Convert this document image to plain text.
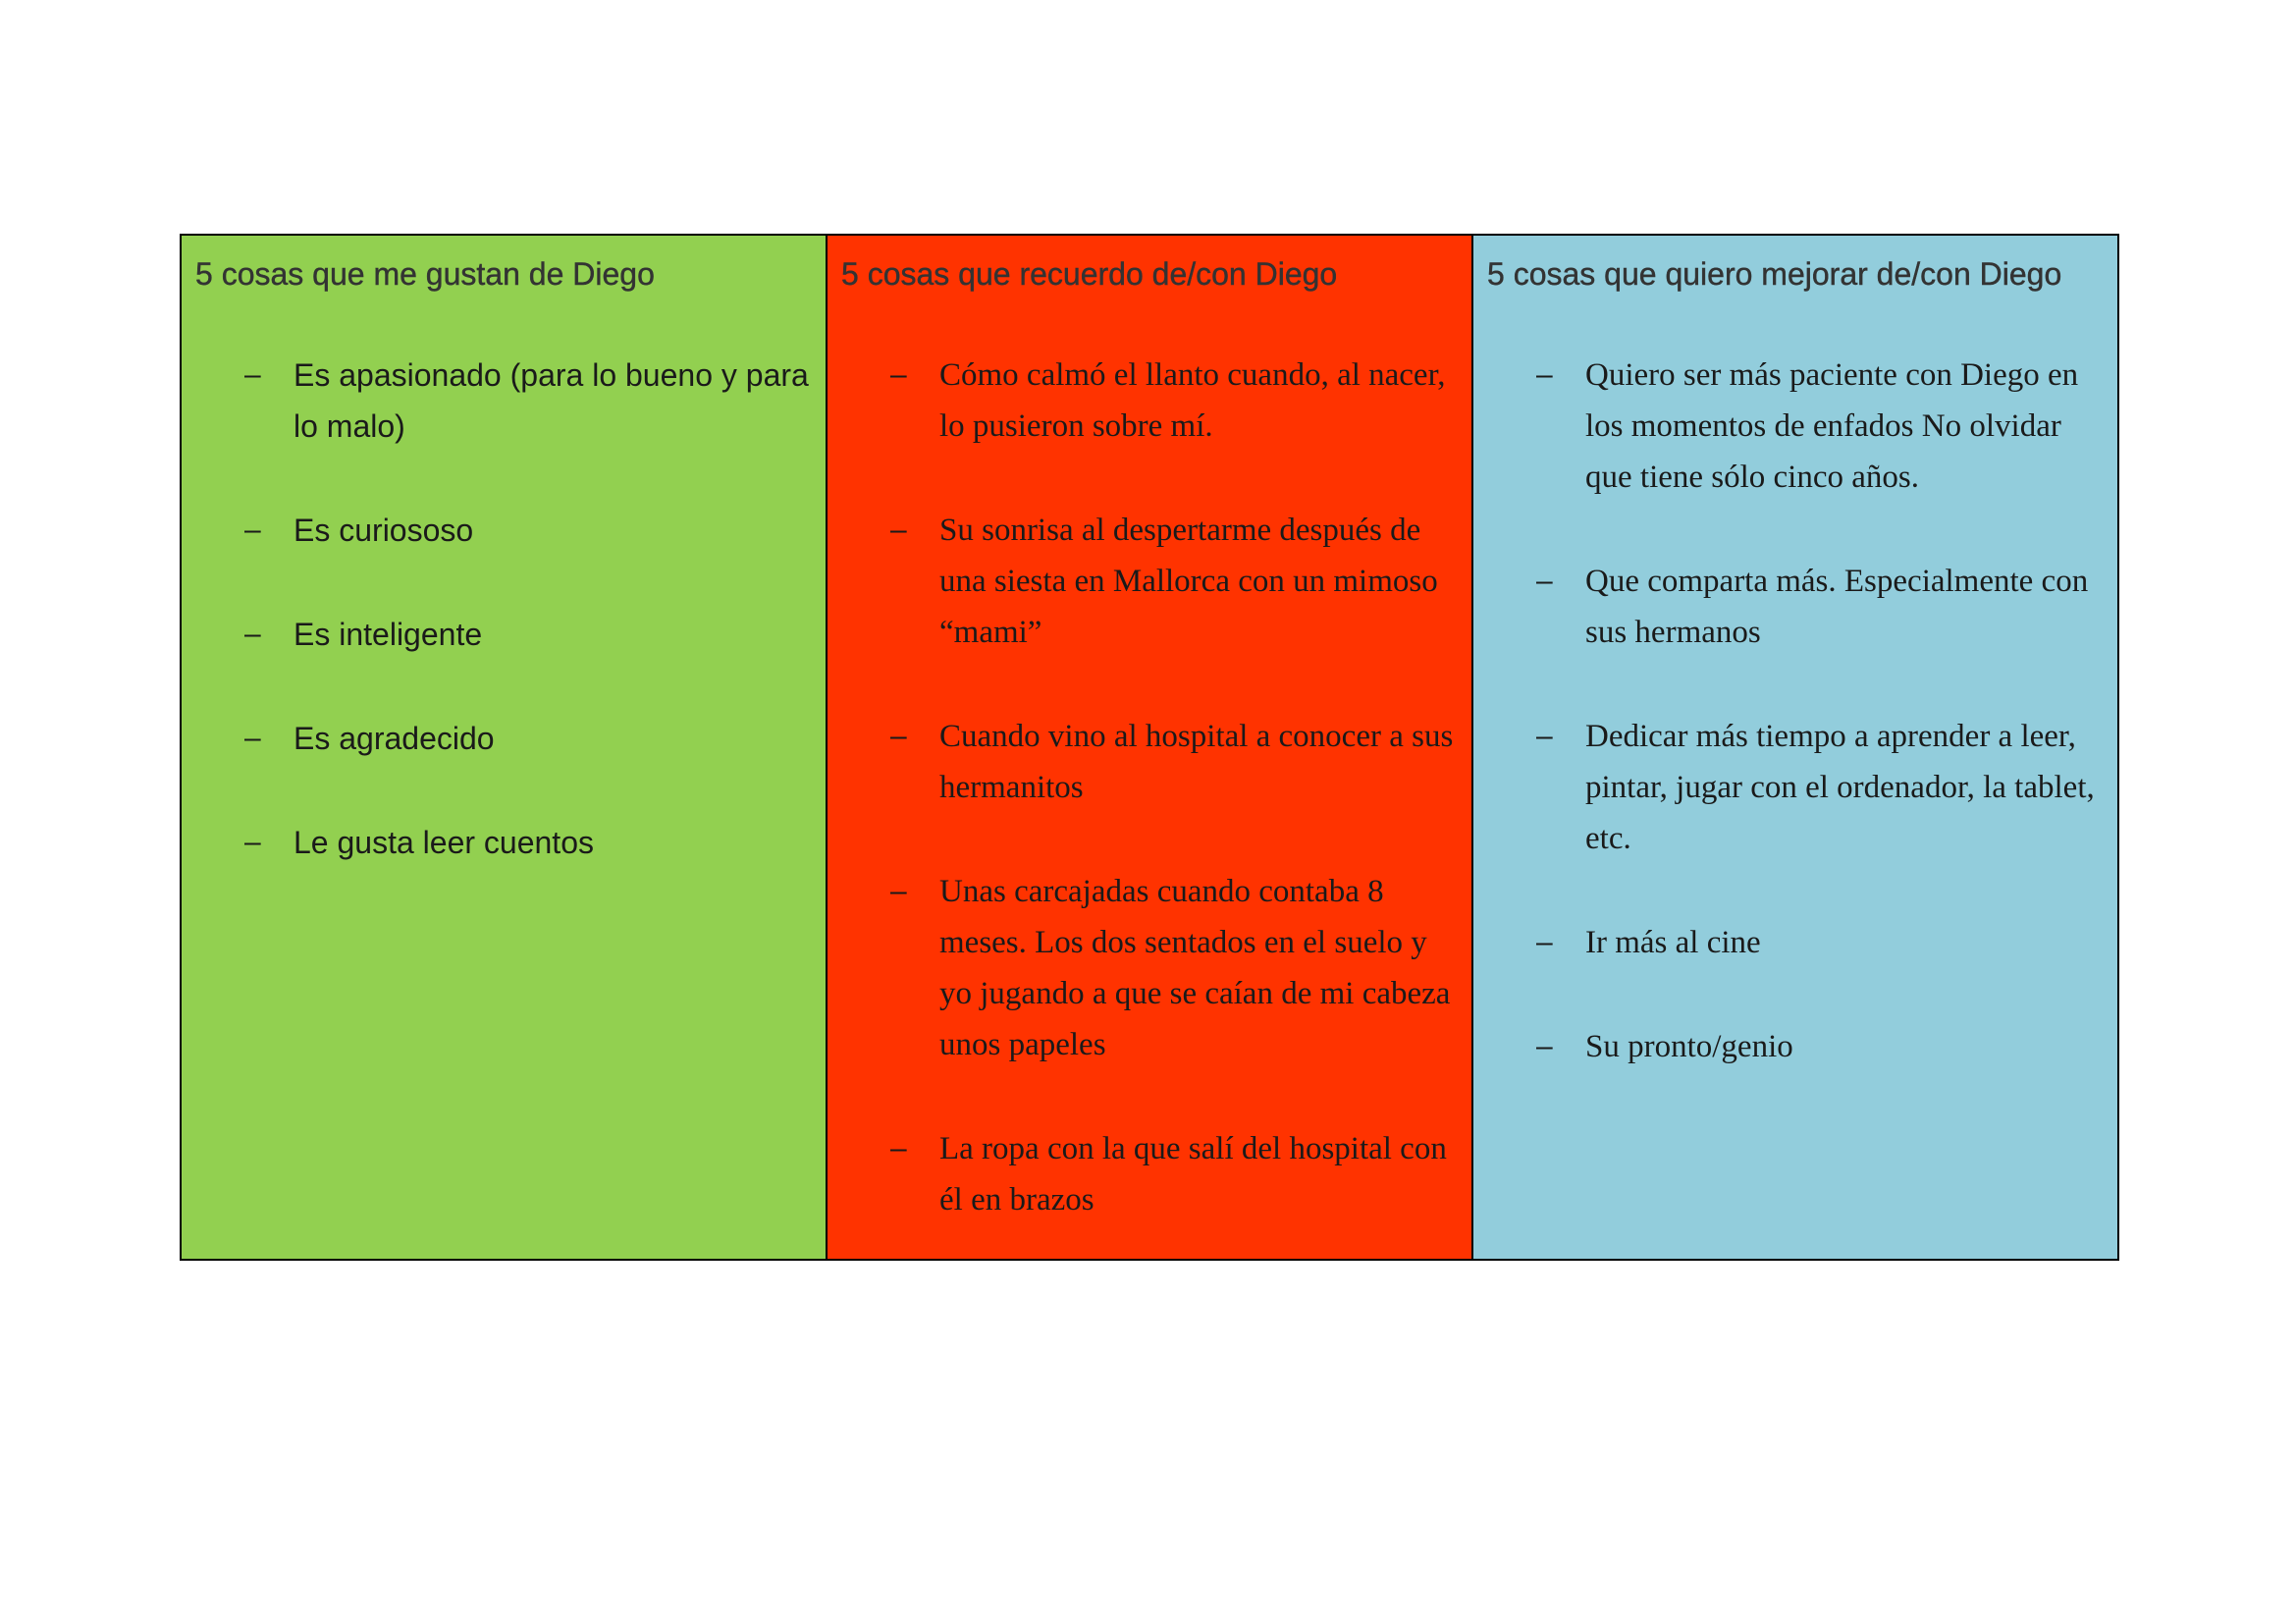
5 cosas que me gustan de Diego
–	Es apasionado (para lo bueno y para lo malo)
–	Es curiososo
–	Es inteligente
–	Es agradecido
–	Le gusta leer cuentos
5 cosas que recuerdo de/con Diego
–	Cómo calmó el llanto cuando, al nacer, lo pusieron sobre mí.
–	Su sonrisa al despertarme después de una siesta en Mallorca con un mimoso “mami”
–	Cuando vino al hospital a conocer a sus hermanitos
–	Unas carcajadas cuando contaba 8 meses. Los dos sentados en el suelo y yo jugando a que se caían de mi cabeza unos papeles
–	La ropa con la que salí del hospital con él en brazos
5 cosas que quiero mejorar de/con Diego
–	Quiero ser más paciente con Diego en los momentos de enfados No olvidar que tiene sólo cinco años.
–	Que comparta más. Especialmente con sus hermanos
–	Dedicar más tiempo a aprender a leer, pintar, jugar con el ordenador, la tablet, etc.
–	Ir más al cine
–	Su pronto/genio
